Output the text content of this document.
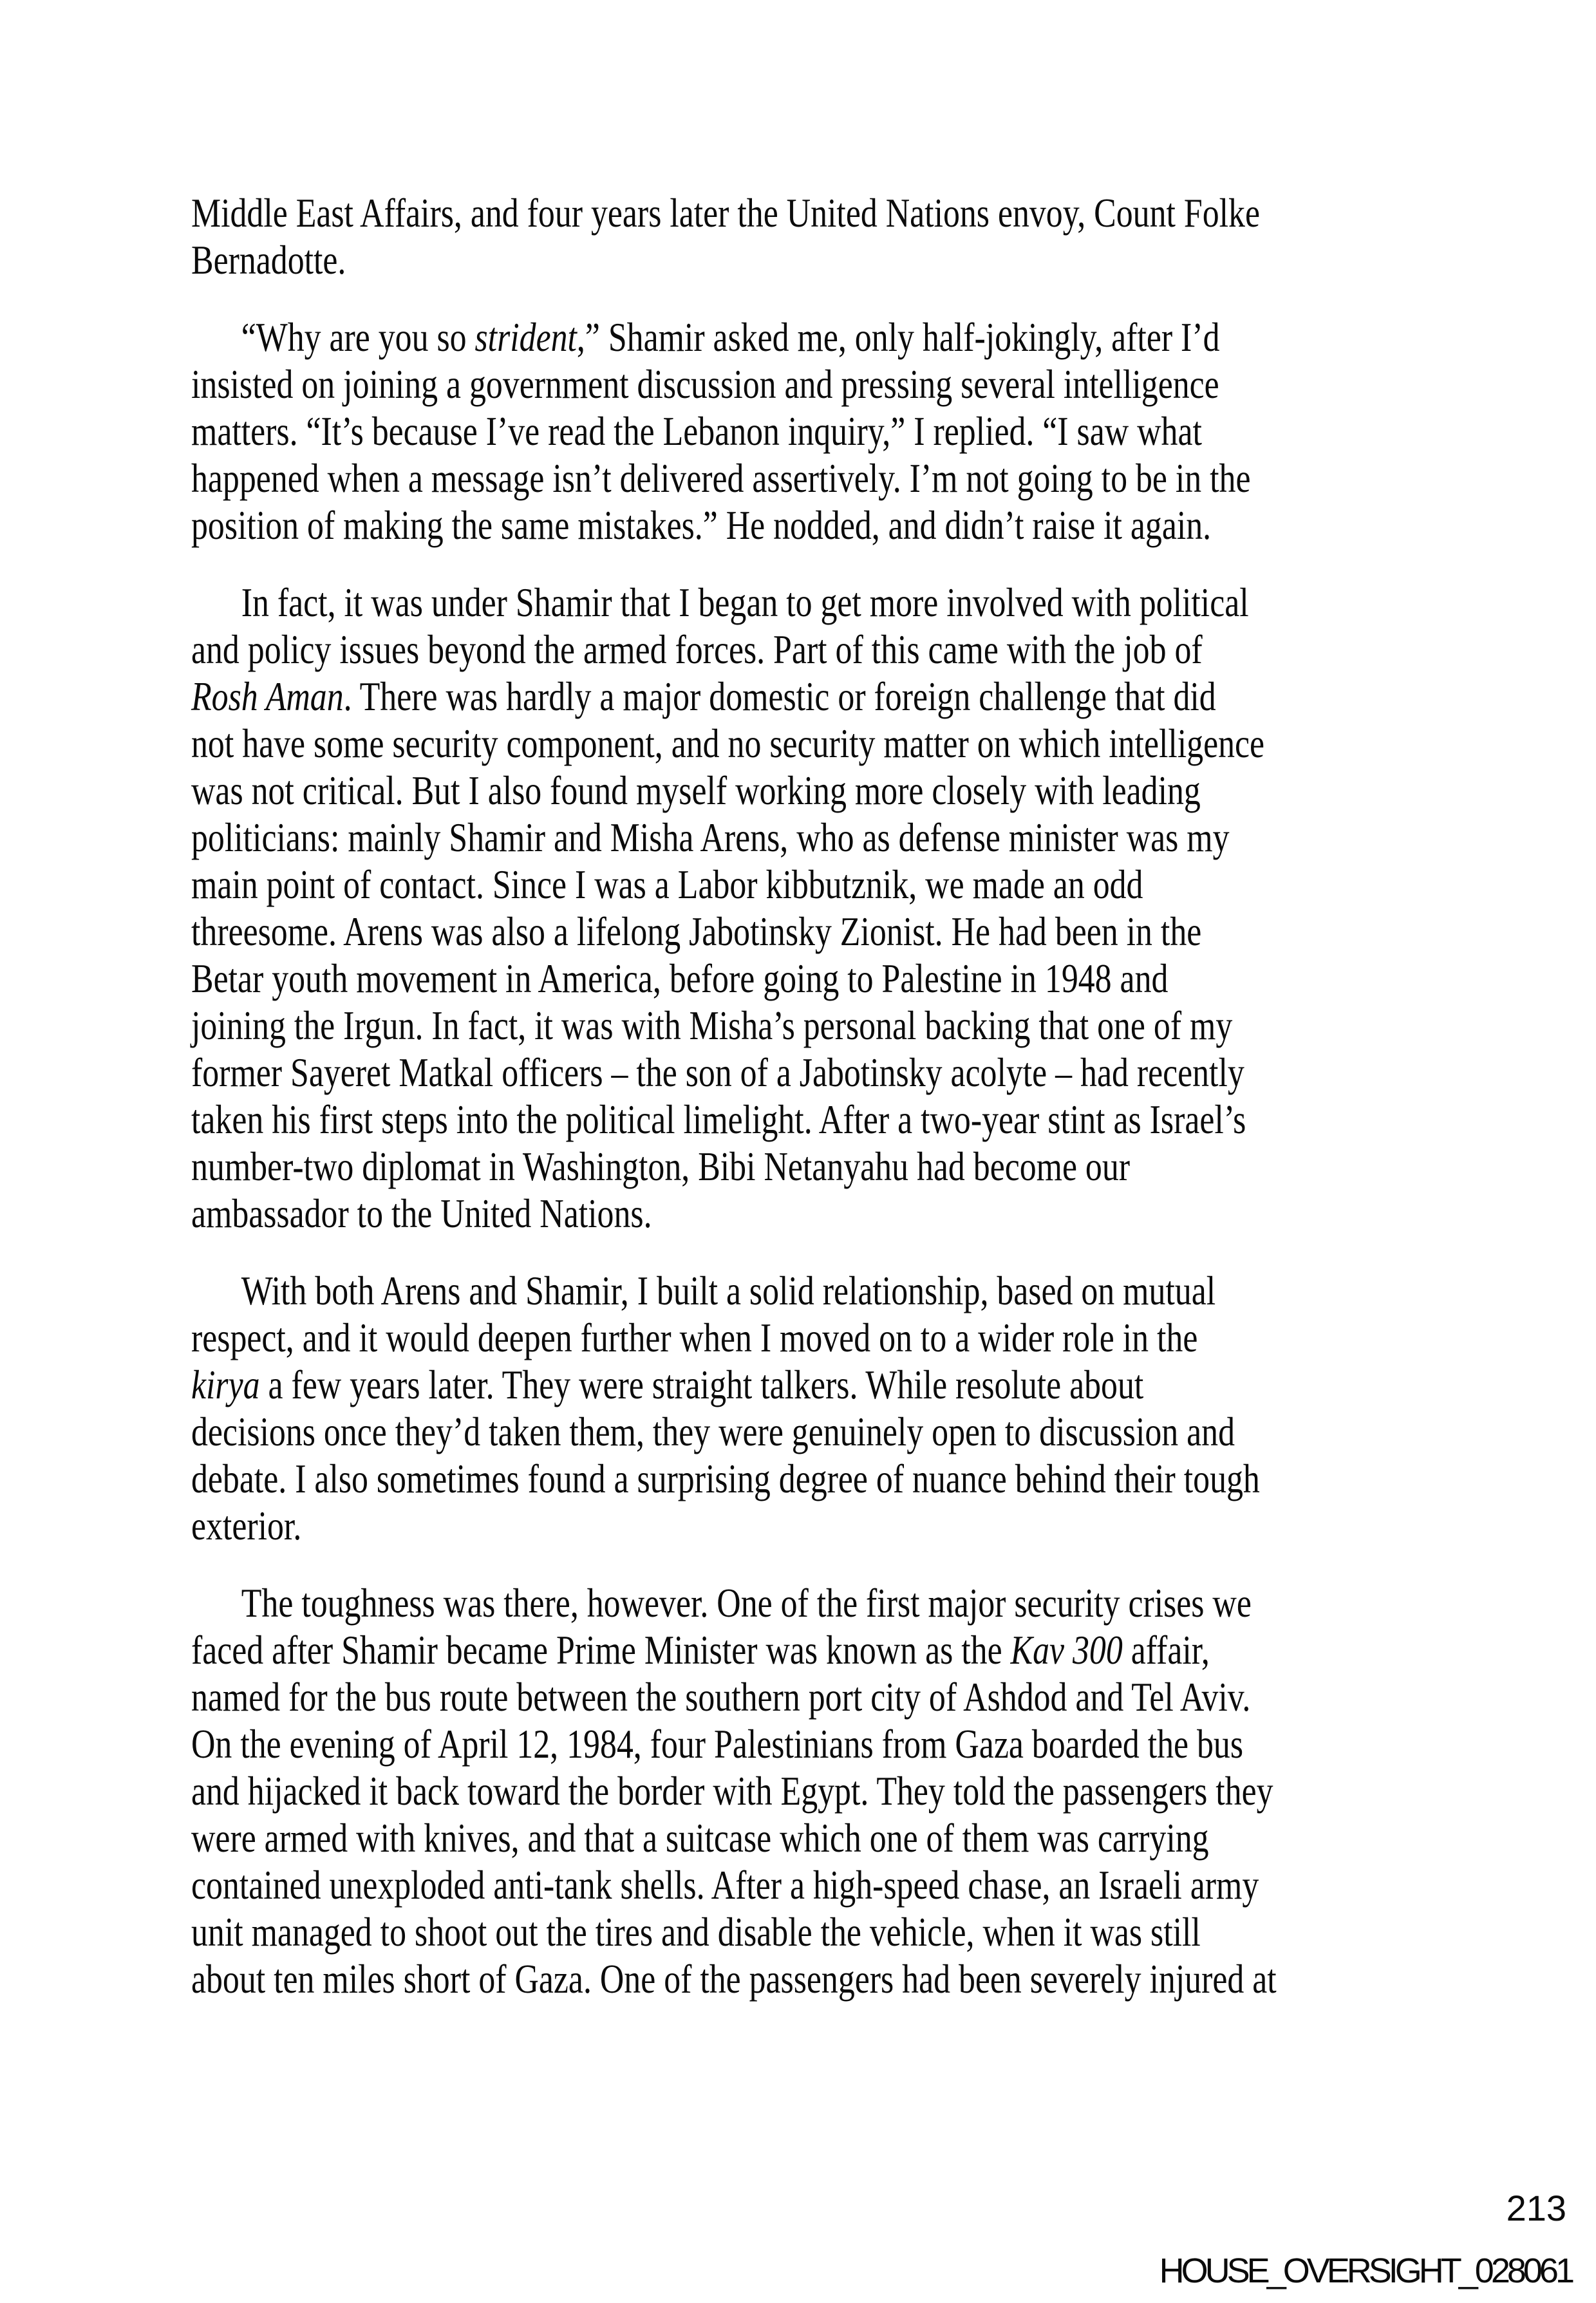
Middle East Affairs, and four years later the United Nations envoy, Count Folke
Bernadotte.
“Why are you so strident,” Shamir asked me, only half-jokingly, after I’d
insisted on joining a government discussion and pressing several intelligence
matters. “It’s because I’ve read the Lebanon inquiry,” I replied. “I saw what
happened when a message isn’t delivered assertively. I’m not going to be in the
position of making the same mistakes.” He nodded, and didn’t raise it again.
In fact, it was under Shamir that I began to get more involved with political
and policy issues beyond the armed forces. Part of this came with the job of
Rosh Aman. There was hardly a major domestic or foreign challenge that did
not have some security component, and no security matter on which intelligence
was not critical. But I also found myself working more closely with leading
politicians: mainly Shamir and Misha Arens, who as defense minister was my
main point of contact. Since I was a Labor kibbutznik, we made an odd
threesome. Arens was also a lifelong Jabotinsky Zionist. He had been in the
Betar youth movement in America, before going to Palestine in 1948 and
joining the Irgun. In fact, it was with Misha’s personal backing that one of my
former Sayeret Matkal officers – the son of a Jabotinsky acolyte – had recently
taken his first steps into the political limelight. After a two-year stint as Israel’s
number-two diplomat in Washington, Bibi Netanyahu had become our
ambassador to the United Nations.
With both Arens and Shamir, I built a solid relationship, based on mutual
respect, and it would deepen further when I moved on to a wider role in the
kirya a few years later. They were straight talkers. While resolute about
decisions once they’d taken them, they were genuinely open to discussion and
debate. I also sometimes found a surprising degree of nuance behind their tough
exterior.
The toughness was there, however. One of the first major security crises we
faced after Shamir became Prime Minister was known as the Kav 300 affair,
named for the bus route between the southern port city of Ashdod and Tel Aviv.
On the evening of April 12, 1984, four Palestinians from Gaza boarded the bus
and hijacked it back toward the border with Egypt. They told the passengers they
were armed with knives, and that a suitcase which one of them was carrying
contained unexploded anti-tank shells. After a high-speed chase, an Israeli army
unit managed to shoot out the tires and disable the vehicle, when it was still
about ten miles short of Gaza. One of the passengers had been severely injured at
213
HOUSE_OVERSIGHT_028061
